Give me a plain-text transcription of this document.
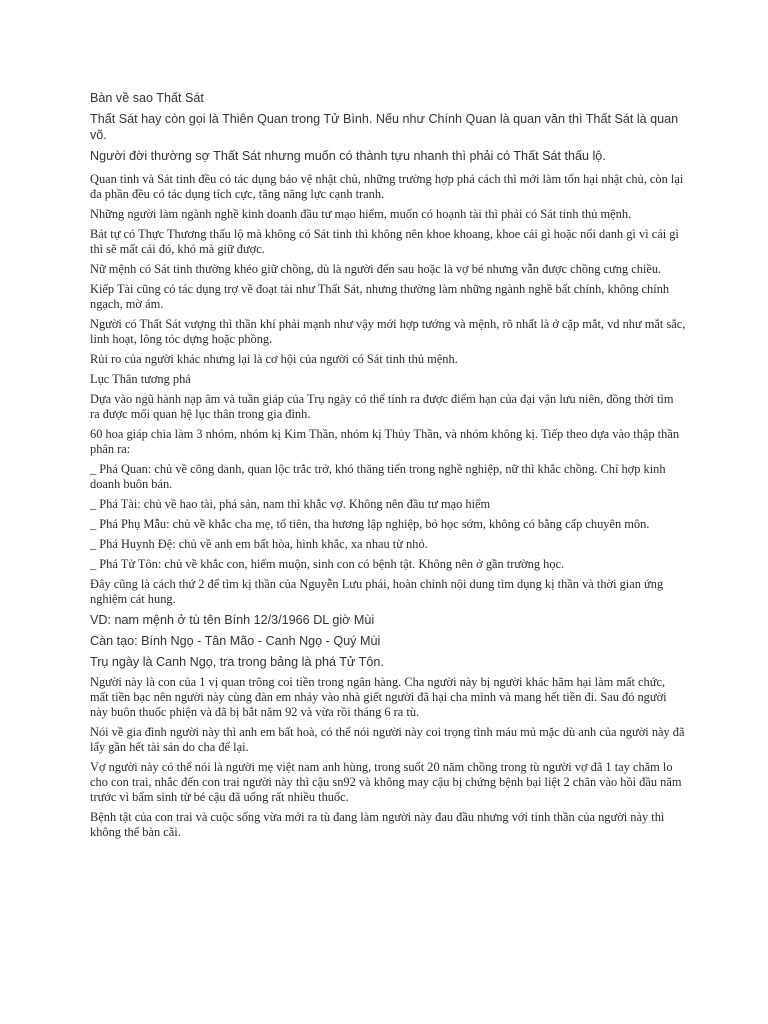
Bàn về sao Thất Sát

Thất Sát hay còn gọi là Thiên Quan trong Tử Bình. Nếu như Chính Quan là quan văn thì Thất Sát là quan võ.

Người đời thường sợ Thất Sát nhưng muốn có thành tựu nhanh thì phải có Thất Sát thấu lộ.

Quan tinh và Sát tinh đều có tác dụng bảo vệ nhật chủ, những trường hợp phá cách thì mới làm tổn hại nhật chủ, còn lại đa phần đều có tác dụng tích cực, tăng năng lực cạnh tranh.

Những người làm ngành nghề kinh doanh đầu tư mạo hiểm, muốn có hoạnh tài thì phải có Sát tinh thủ mệnh.

Bát tự có Thực Thương thấu lộ mà không có Sát tinh thì không nên khoe khoang, khoe cái gì hoặc nổi danh gì vì cái gì thì sẽ mất cái đó, khó mà giữ được.

Nữ mệnh có Sát tinh thường khéo giữ chồng, dù là người đến sau hoặc là vợ bé nhưng vẫn được chồng cưng chiều.

Kiếp Tài cũng có tác dụng trợ về đoạt tài như Thất Sát, nhưng thường làm những ngành nghề bất chính, không chính ngạch, mờ ám.

Người có Thất Sát vượng thì thần khí phải mạnh như vậy mới hợp tướng và mệnh, rõ nhất là ở cặp mắt, vd như mắt sắc, linh hoạt, lông tóc dựng hoặc phồng.

Rủi ro của người khác nhưng lại là cơ hội của người có Sát tinh thủ mệnh.

Lục Thân tương phá

Dựa vào ngũ hành nạp âm và tuần giáp của Trụ ngày có thể tính ra được điểm hạn của đại vận lưu niên, đồng thời tìm ra được mối quan hệ lục thân trong gia đình.

60 hoa giáp chia làm 3 nhóm, nhóm kị Kim Thần, nhóm kị Thủy Thần, và nhóm không kị. Tiếp theo dựa vào thập thần phân ra:

_ Phá Quan: chủ về công danh, quan lộc trắc trở, khó thăng tiến trong nghề nghiệp, nữ thì khắc chồng. Chỉ hợp kinh doanh buôn bán.

_ Phá Tài: chủ về hao tài, phá sản, nam thì khắc vợ. Không nên đầu tư mạo hiểm

_ Phá Phụ Mẫu: chủ về khắc cha mẹ, tổ tiên, tha hương lập nghiệp, bỏ học sớm, không có bằng cấp chuyên môn.

_ Phá Huynh Đệ: chủ về anh em bất hòa, hình khắc, xa nhau từ nhỏ.

_ Phá Tử Tôn: chủ về khắc con, hiếm muộn, sinh con có bệnh tật. Không nên ở gần trường học.

Đây cũng là cách thứ 2 để tìm kị thần của Nguyễn Lưu phái, hoàn chỉnh nội dung tìm dụng kị thần và thời gian ứng nghiệm cát hung.

VD: nam mệnh ở tù tên Bính 12/3/1966 DL giờ Mùi

Càn tạo: Bính Ngọ - Tân Mão - Canh Ngọ - Quý Mùi

Trụ ngày là Canh Ngọ, tra trong bảng là phá Tử Tôn.

Người này là con của 1 vị quan trông coi tiền trong ngân hàng. Cha người này bị người khác hãm hại làm mất chức, mất tiền bạc nên người này cùng đàn em nhảy vào nhà giết người đã hại cha mình và mang hết tiền đi. Sau đó người này buôn thuốc phiện và đã bị bắt năm 92 và vừa rồi tháng 6 ra tù.

Nói về gia đình người này thì anh em bất hoà, có thể nói người này coi trọng tình máu mủ mặc dù anh của người này đã lấy gần hết tài sản do cha để lại.

Vợ người này có thể nói là người mẹ việt nam anh hùng, trong suốt 20 năm chồng trong tù người vợ đã 1 tay chăm lo cho con trai, nhắc đến con trai người này thì cậu sn92 và không may cậu bị chứng bệnh bại liệt 2 chân vào hồi đầu năm trước vì bẩm sinh từ bé cậu đã uống rất nhiều thuốc.

Bệnh tật của con trai và cuộc sống vừa mới ra tù đang làm người này đau đầu nhưng với tinh thần của người này thì không thể bàn cãi.
